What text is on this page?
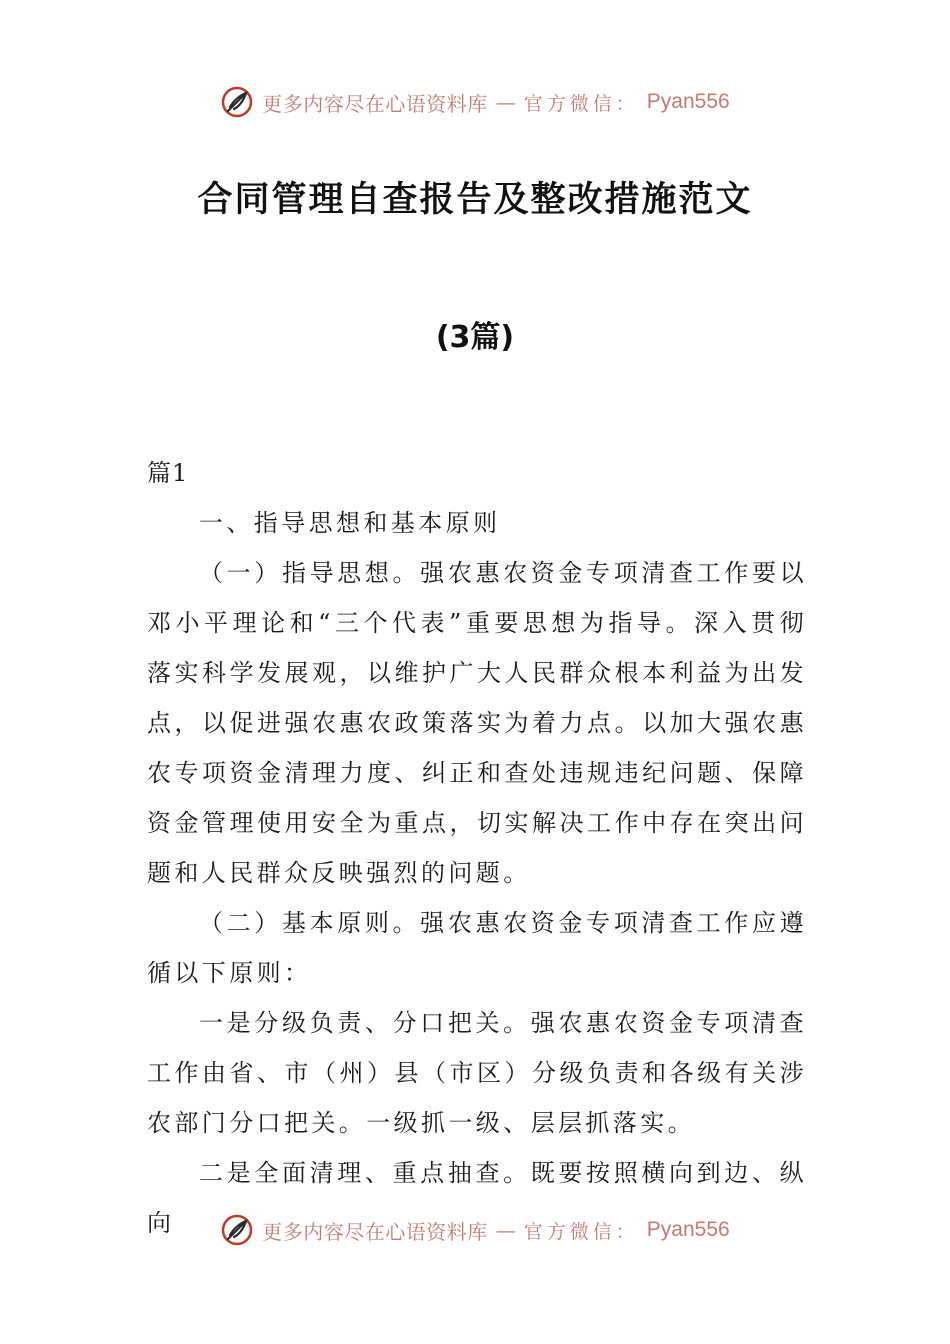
更多内容尽在心语资料库 — 官方微信： Pyan556
合同管理自查报告及整改措施范文
(3篇)

篇1

一、指导思想和基本原则

（一）指导思想。强农惠农资金专项清查工作要以邓小平理论和“三个代表”重要思想为指导。深入贯彻落实科学发展观，以维护广大人民群众根本利益为出发点，以促进强农惠农政策落实为着力点。以加大强农惠农专项资金清理力度、纠正和查处违规违纪问题、保障资金管理使用安全为重点，切实解决工作中存在突出问题和人民群众反映强烈的问题。

（二）基本原则。强农惠农资金专项清查工作应遵循以下原则：

一是分级负责、分口把关。强农惠农资金专项清查工作由省、市（州）县（市区）分级负责和各级有关涉农部门分口把关。一级抓一级、层层抓落实。

二是全面清理、重点抽查。既要按照横向到边、纵向	更多内容尽在心语资料库 — 官方微信： Pyan556
